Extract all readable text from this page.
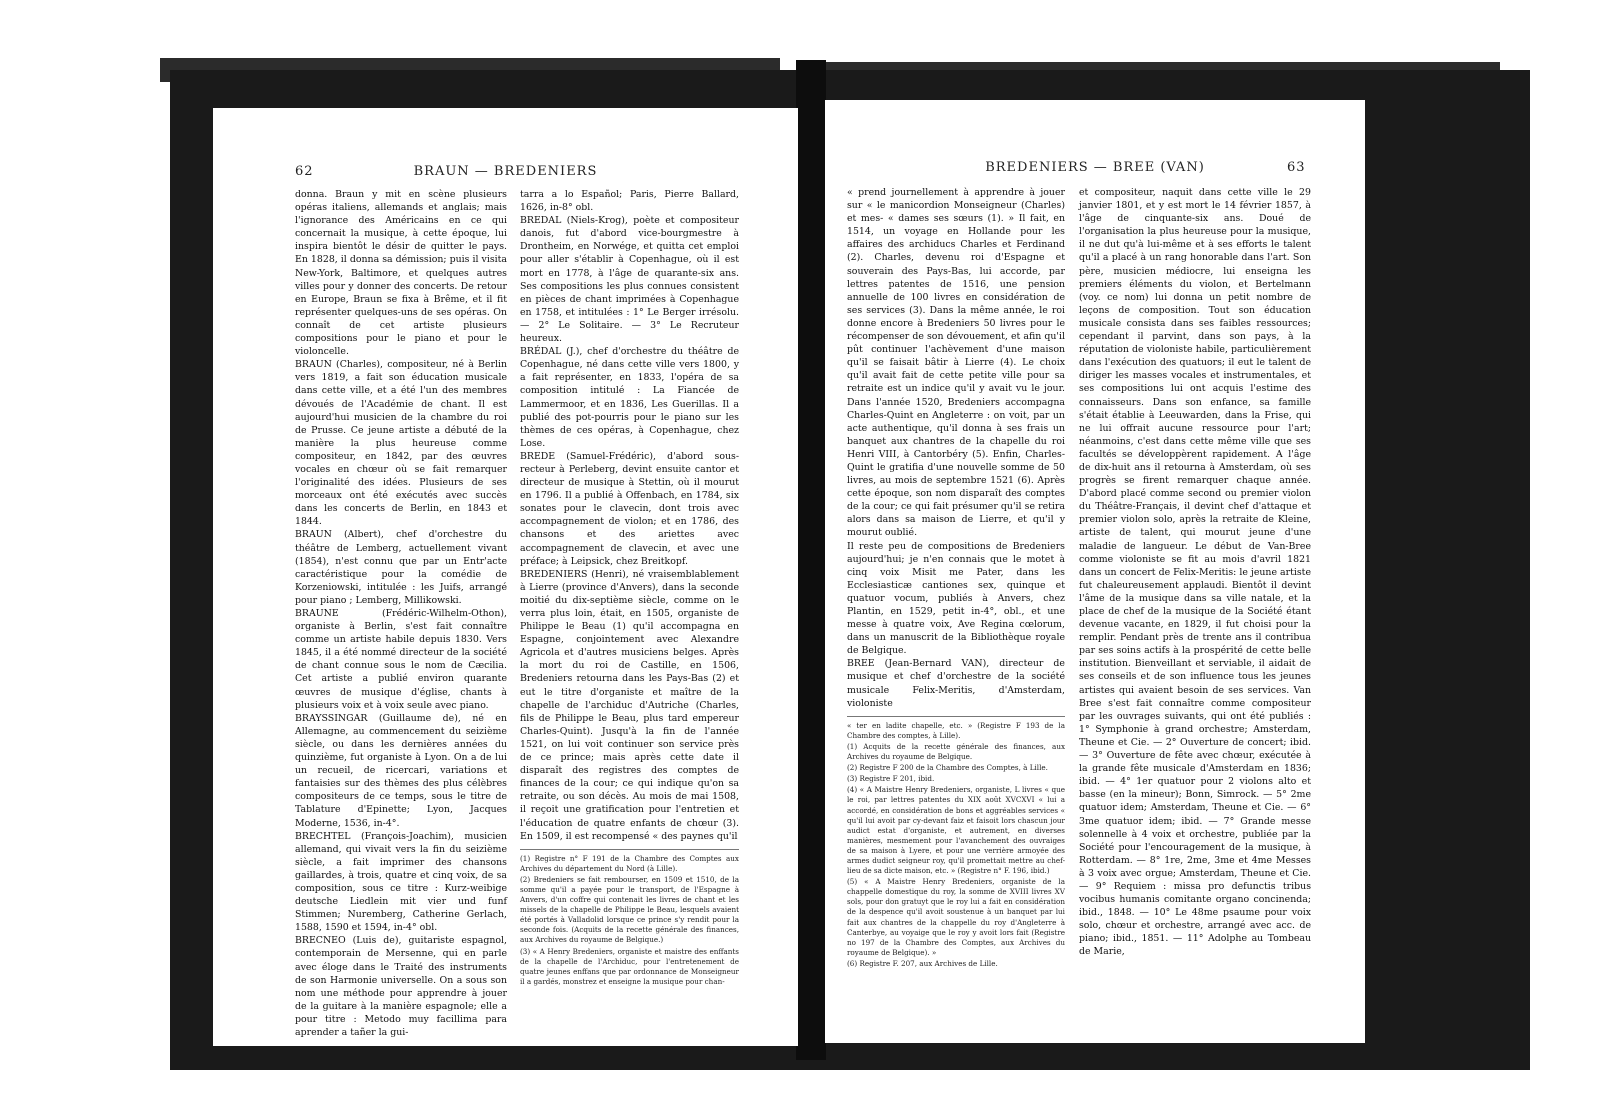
BRAUN — BREDENIERS
62

donna. Braun y mit en scène plusieurs opéras italiens, allemands et anglais; mais l'ignorance des Américains en ce qui concernait la musique, à cette époque, lui inspira bientôt le désir de quitter le pays. En 1828, il donna sa démission; puis il visita New-York, Baltimore, et quelques autres villes pour y donner des concerts. De retour en Europe, Braun se fixa à Brême, et il fit représenter quelques-uns de ses opéras. On connaît de cet artiste plusieurs compositions pour le piano et pour le violoncelle.

BRAUN (Charles), compositeur, né à Berlin vers 1819, a fait son éducation musicale dans cette ville, et a été l'un des membres dévoués de l'Académie de chant. Il est aujourd'hui musicien de la chambre du roi de Prusse. Ce jeune artiste a débuté de la manière la plus heureuse comme compositeur, en 1842, par des œuvres vocales en chœur où se fait remarquer l'originalité des idées. Plusieurs de ses morceaux ont été exécutés avec succès dans les concerts de Berlin, en 1843 et 1844.

BRAUN (Albert), chef d'orchestre du théâtre de Lemberg, actuellement vivant (1854), n'est connu que par un Entr'acte caractéristique pour la comédie de Korzeniowski, intitulée : les Juifs, arrangé pour piano ; Lemberg, Millikowski.

BRAUNE (Frédéric-Wilhelm-Othon), organiste à Berlin, s'est fait connaître comme un artiste habile depuis 1830. Vers 1845, il a été nommé directeur de la société de chant connue sous le nom de Cæcilia. Cet artiste a publié environ quarante œuvres de musique d'église, chants à plusieurs voix et à voix seule avec piano.

BRAYSSINGAR (Guillaume de), né en Allemagne, au commencement du seizième siècle, ou dans les dernières années du quinzième, fut organiste à Lyon. On a de lui un recueil, de ricercari, variations et fantaisies sur des thèmes des plus célèbres compositeurs de ce temps, sous le titre de Tablature d'Epinette; Lyon, Jacques Moderne, 1536, in-4°.

BRECHTEL (François-Joachim), musicien allemand, qui vivait vers la fin du seizième siècle, a fait imprimer des chansons gaillardes, à trois, quatre et cinq voix, de sa composition, sous ce titre : Kurz-weibige deutsche Liedlein mit vier und funf Stimmen; Nuremberg, Catherine Gerlach, 1588, 1590 et 1594, in-4° obl.

BRECNEO (Luis de), guitariste espagnol, contemporain de Mersenne, qui en parle avec éloge dans le Traité des instruments de son Harmonie universelle. On a sous son nom une méthode pour apprendre à jouer de la guitare à la manière espagnole; elle a pour titre : Metodo muy facillima para aprender a tañer la gui-

tarra a lo Español; Paris, Pierre Ballard, 1626, in-8° obl.

BREDAL (Niels-Krog), poète et compositeur danois, fut d'abord vice-bourgmestre à Drontheim, en Norwége, et quitta cet emploi pour aller s'établir à Copenhague, où il est mort en 1778, à l'âge de quarante-six ans. Ses compositions les plus connues consistent en pièces de chant imprimées à Copenhague en 1758, et intitulées : 1° Le Berger irrésolu. — 2° Le Solitaire. — 3° Le Recruteur heureux.

BRÉDAL (J.), chef d'orchestre du théâtre de Copenhague, né dans cette ville vers 1800, y a fait représenter, en 1833, l'opéra de sa composition intitulé : La Fiancée de Lammermoor, et en 1836, Les Guerillas. Il a publié des pot-pourris pour le piano sur les thèmes de ces opéras, à Copenhague, chez Lose.

BREDE (Samuel-Frédéric), d'abord sous-recteur à Perleberg, devint ensuite cantor et directeur de musique à Stettin, où il mourut en 1796. Il a publié à Offenbach, en 1784, six sonates pour le clavecin, dont trois avec accompagnement de violon; et en 1786, des chansons et des ariettes avec accompagnement de clavecin, et avec une préface; à Leipsick, chez Breitkopf.

BREDENIERS (Henri), né vraisemblablement à Lierre (province d'Anvers), dans la seconde moitié du dix-septième siècle, comme on le verra plus loin, était, en 1505, organiste de Philippe le Beau (1) qu'il accompagna en Espagne, conjointement avec Alexandre Agricola et d'autres musiciens belges. Après la mort du roi de Castille, en 1506, Bredeniers retourna dans les Pays-Bas (2) et eut le titre d'organiste et maître de la chapelle de l'archiduc d'Autriche (Charles, fils de Philippe le Beau, plus tard empereur Charles-Quint). Jusqu'à la fin de l'année 1521, on lui voit continuer son service près de ce prince; mais après cette date il disparaît des registres des comptes de finances de la cour; ce qui indique qu'on sa retraite, ou son décès. Au mois de mai 1508, il reçoit une gratification pour l'entretien et l'éducation de quatre enfants de chœur (3). En 1509, il est recompensé « des paynes qu'il

(1) Registre n° F 191 de la Chambre des Comptes aux Archives du département du Nord (à Lille).

(2) Bredeniers se fait rembourser, en 1509 et 1510, de la somme qu'il a payée pour le transport, de l'Espagne à Anvers, d'un coffre qui contenait les livres de chant et les missels de la chapelle de Philippe le Beau, lesquels avaient été portés à Valladolid lorsque ce prince s'y rendit pour la seconde fois. (Acquits de la recette générale des finances, aux Archives du royaume de Belgique.)

(3) « A Henry Bredeniers, organiste et maistre des enffants de la chapelle de l'Archiduc, pour l'entretenement de quatre jeunes enffans que par ordonnance de Monseigneur il a gardés, monstrez et enseigne la musique pour chan-

BREDENIERS — BREE (VAN)	63

« prend journellement à apprendre à jouer sur « le manicordion Monseigneur (Charles) et mes- « dames ses sœurs (1). » Il fait, en 1514, un voyage en Hollande pour les affaires des archiducs Charles et Ferdinand (2). Charles, devenu roi d'Espagne et souverain des Pays-Bas, lui accorde, par lettres patentes de 1516, une pension annuelle de 100 livres en considération de ses services (3). Dans la même année, le roi donne encore à Bredeniers 50 livres pour le récompenser de son dévouement, et afin qu'il pût continuer l'achèvement d'une maison qu'il se faisait bâtir à Lierre (4). Le choix qu'il avait fait de cette petite ville pour sa retraite est un indice qu'il y avait vu le jour. Dans l'année 1520, Bredeniers accompagna Charles-Quint en Angleterre : on voit, par un acte authentique, qu'il donna à ses frais un banquet aux chantres de la chapelle du roi Henri VIII, à Cantorbéry (5). Enfin, Charles-Quint le gratifia d'une nouvelle somme de 50 livres, au mois de septembre 1521 (6). Après cette époque, son nom disparaît des comptes de la cour; ce qui fait présumer qu'il se retira alors dans sa maison de Lierre, et qu'il y mourut oublié.

Il reste peu de compositions de Bredeniers aujourd'hui; je n'en connais que le motet à cinq voix Misit me Pater, dans les Ecclesiasticæ cantiones sex, quinque et quatuor vocum, publiés à Anvers, chez Plantin, en 1529, petit in-4°, obl., et une messe à quatre voix, Ave Regina cœlorum, dans un manuscrit de la Bibliothèque royale de Belgique.

BREE (Jean-Bernard VAN), directeur de musique et chef d'orchestre de la société musicale Felix-Meritis, d'Amsterdam, violoniste

« ter en ladite chapelle, etc. » (Registre F 193 de la Chambre des comptes, à Lille).

(1) Acquits de la recette générale des finances, aux Archives du royaume de Belgique.

(2) Registre F 200 de la Chambre des Comptes, à Lille.

(3) Registre F 201, ibid.

(4) « A Maistre Henry Bredeniers, organiste, L livres « que le roi, par lettres patentes du XIX août XVCXVI « lui a accordé, en considération de bons et aggréables services « qu'il lui avoit par cy-devant faiz et faisoit lors chascun jour audict estat d'organiste, et autrement, en diverses manières, mesmement pour l'avanchement des ouvraiges de sa maison à Lyere, et pour une verrière armoyée des armes dudict seigneur roy, qu'il promettait mettre au chef-lieu de sa dicte maison, etc. » (Registre n° F. 196, ibid.)

(5) « A Maistre Henry Bredeniers, organiste de la chappelle domestique du roy, la somme de XVIII livres XV sols, pour don gratuyt que le roy lui a fait en considération de la despence qu'il avoit soustenue à un banquet par lui fait aux chantres de la chappelle du roy d'Angleterre à Canterbye, au voyaige que le roy y avoit lors fait (Registre no 197 de la Chambre des Comptes, aux Archives du royaume de Belgique). »

(6) Registre F. 207, aux Archives de Lille.

et compositeur, naquit dans cette ville le 29 janvier 1801, et y est mort le 14 février 1857, à l'âge de cinquante-six ans. Doué de l'organisation la plus heureuse pour la musique, il ne dut qu'à lui-même et à ses efforts le talent qu'il a placé à un rang honorable dans l'art. Son père, musicien médiocre, lui enseigna les premiers éléments du violon, et Bertelmann (voy. ce nom) lui donna un petit nombre de leçons de composition. Tout son éducation musicale consista dans ses faibles ressources; cependant il parvint, dans son pays, à la réputation de violoniste habile, particulièrement dans l'exécution des quatuors; il eut le talent de diriger les masses vocales et instrumentales, et ses compositions lui ont acquis l'estime des connaisseurs. Dans son enfance, sa famille s'était établie à Leeuwarden, dans la Frise, qui ne lui offrait aucune ressource pour l'art; néanmoins, c'est dans cette même ville que ses facultés se développèrent rapidement. A l'âge de dix-huit ans il retourna à Amsterdam, où ses progrès se firent remarquer chaque année. D'abord placé comme second ou premier violon du Théâtre-Français, il devint chef d'attaque et premier violon solo, après la retraite de Kleine, artiste de talent, qui mourut jeune d'une maladie de langueur. Le début de Van-Bree comme violoniste se fit au mois d'avril 1821 dans un concert de Felix-Meritis: le jeune artiste fut chaleureusement applaudi. Bientôt il devint l'âme de la musique dans sa ville natale, et la place de chef de la musique de la Société étant devenue vacante, en 1829, il fut choisi pour la remplir. Pendant près de trente ans il contribua par ses soins actifs à la prospérité de cette belle institution. Bienveillant et serviable, il aidait de ses conseils et de son influence tous les jeunes artistes qui avaient besoin de ses services. Van Bree s'est fait connaître comme compositeur par les ouvrages suivants, qui ont été publiés : 1° Symphonie à grand orchestre; Amsterdam, Theune et Cie. — 2° Ouverture de concert; ibid. — 3° Ouverture de fête avec chœur, exécutée à la grande fête musicale d'Amsterdam en 1836; ibid. — 4° 1er quatuor pour 2 violons alto et basse (en la mineur); Bonn, Simrock. — 5° 2me quatuor idem; Amsterdam, Theune et Cie. — 6° 3me quatuor idem; ibid. — 7° Grande messe solennelle à 4 voix et orchestre, publiée par la Société pour l'encouragement de la musique, à Rotterdam. — 8° 1re, 2me, 3me et 4me Messes à 3 voix avec orgue; Amsterdam, Theune et Cie. — 9° Requiem : missa pro defunctis tribus vocibus humanis comitante organo concinenda; ibid., 1848. — 10° Le 48me psaume pour voix solo, chœur et orchestre, arrangé avec acc. de piano; ibid., 1851. — 11° Adolphe au Tombeau de Marie,
